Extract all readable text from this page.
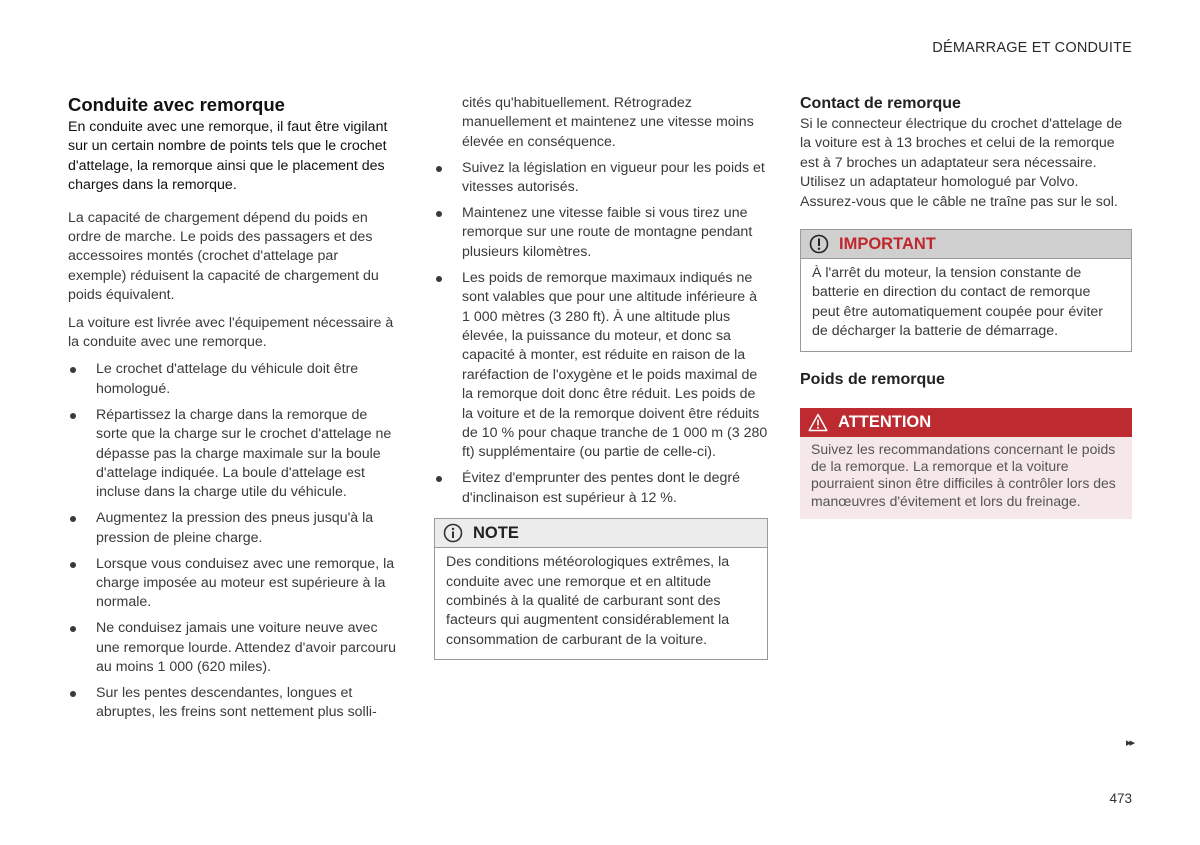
DÉMARRAGE ET CONDUITE
Conduite avec remorque

En conduite avec une remorque, il faut être vigilant sur un certain nombre de points tels que le crochet d'attelage, la remorque ainsi que le placement des charges dans la remorque.

La capacité de chargement dépend du poids en ordre de marche. Le poids des passagers et des accessoires montés (crochet d'attelage par exemple) réduisent la capacité de chargement du poids équivalent.

La voiture est livrée avec l'équipement nécessaire à la conduite avec une remorque.

Le crochet d'attelage du véhicule doit être homologué.
Répartissez la charge dans la remorque de sorte que la charge sur le crochet d'attelage ne dépasse pas la charge maximale sur la boule d'attelage indiquée. La boule d'attelage est incluse dans la charge utile du véhicule.
Augmentez la pression des pneus jusqu'à la pression de pleine charge.
Lorsque vous conduisez avec une remorque, la charge imposée au moteur est supérieure à la normale.
Ne conduisez jamais une voiture neuve avec une remorque lourde. Attendez d'avoir parcouru au moins 1 000 (620 miles).
Sur les pentes descendantes, longues et abruptes, les freins sont nettement plus solli-

cités qu'habituellement. Rétrogradez manuellement et maintenez une vitesse moins élevée en conséquence.

Suivez la législation en vigueur pour les poids et vitesses autorisés.
Maintenez une vitesse faible si vous tirez une remorque sur une route de montagne pendant plusieurs kilomètres.
Les poids de remorque maximaux indiqués ne sont valables que pour une altitude inférieure à 1 000 mètres (3 280 ft). À une altitude plus élevée, la puissance du moteur, et donc sa capacité à monter, est réduite en raison de la raréfaction de l'oxygène et le poids maximal de la remorque doit donc être réduit. Les poids de la voiture et de la remorque doivent être réduits de 10 % pour chaque tranche de 1 000 m (3 280 ft) supplémentaire (ou partie de celle-ci).
Évitez d'emprunter des pentes dont le degré d'inclinaison est supérieur à 12 %.
NOTE

Des conditions météorologiques extrêmes, la conduite avec une remorque et en altitude combinés à la qualité de carburant sont des facteurs qui augmentent considérablement la consommation de carburant de la voiture.

Contact de remorque

Si le connecteur électrique du crochet d'attelage de la voiture est à 13 broches et celui de la remorque est à 7 broches un adaptateur sera nécessaire. Utilisez un adaptateur homologué par Volvo. Assurez-vous que le câble ne traîne pas sur le sol.

IMPORTANT

À l'arrêt du moteur, la tension constante de batterie en direction du contact de remorque peut être automatiquement coupée pour éviter de décharger la batterie de démarrage.

Poids de remorque
ATTENTION

Suivez les recommandations concernant le poids de la remorque. La remorque et la voiture pourraient sinon être difficiles à contrôler lors des manœuvres d'évitement et lors du freinage.

▸▸
473
